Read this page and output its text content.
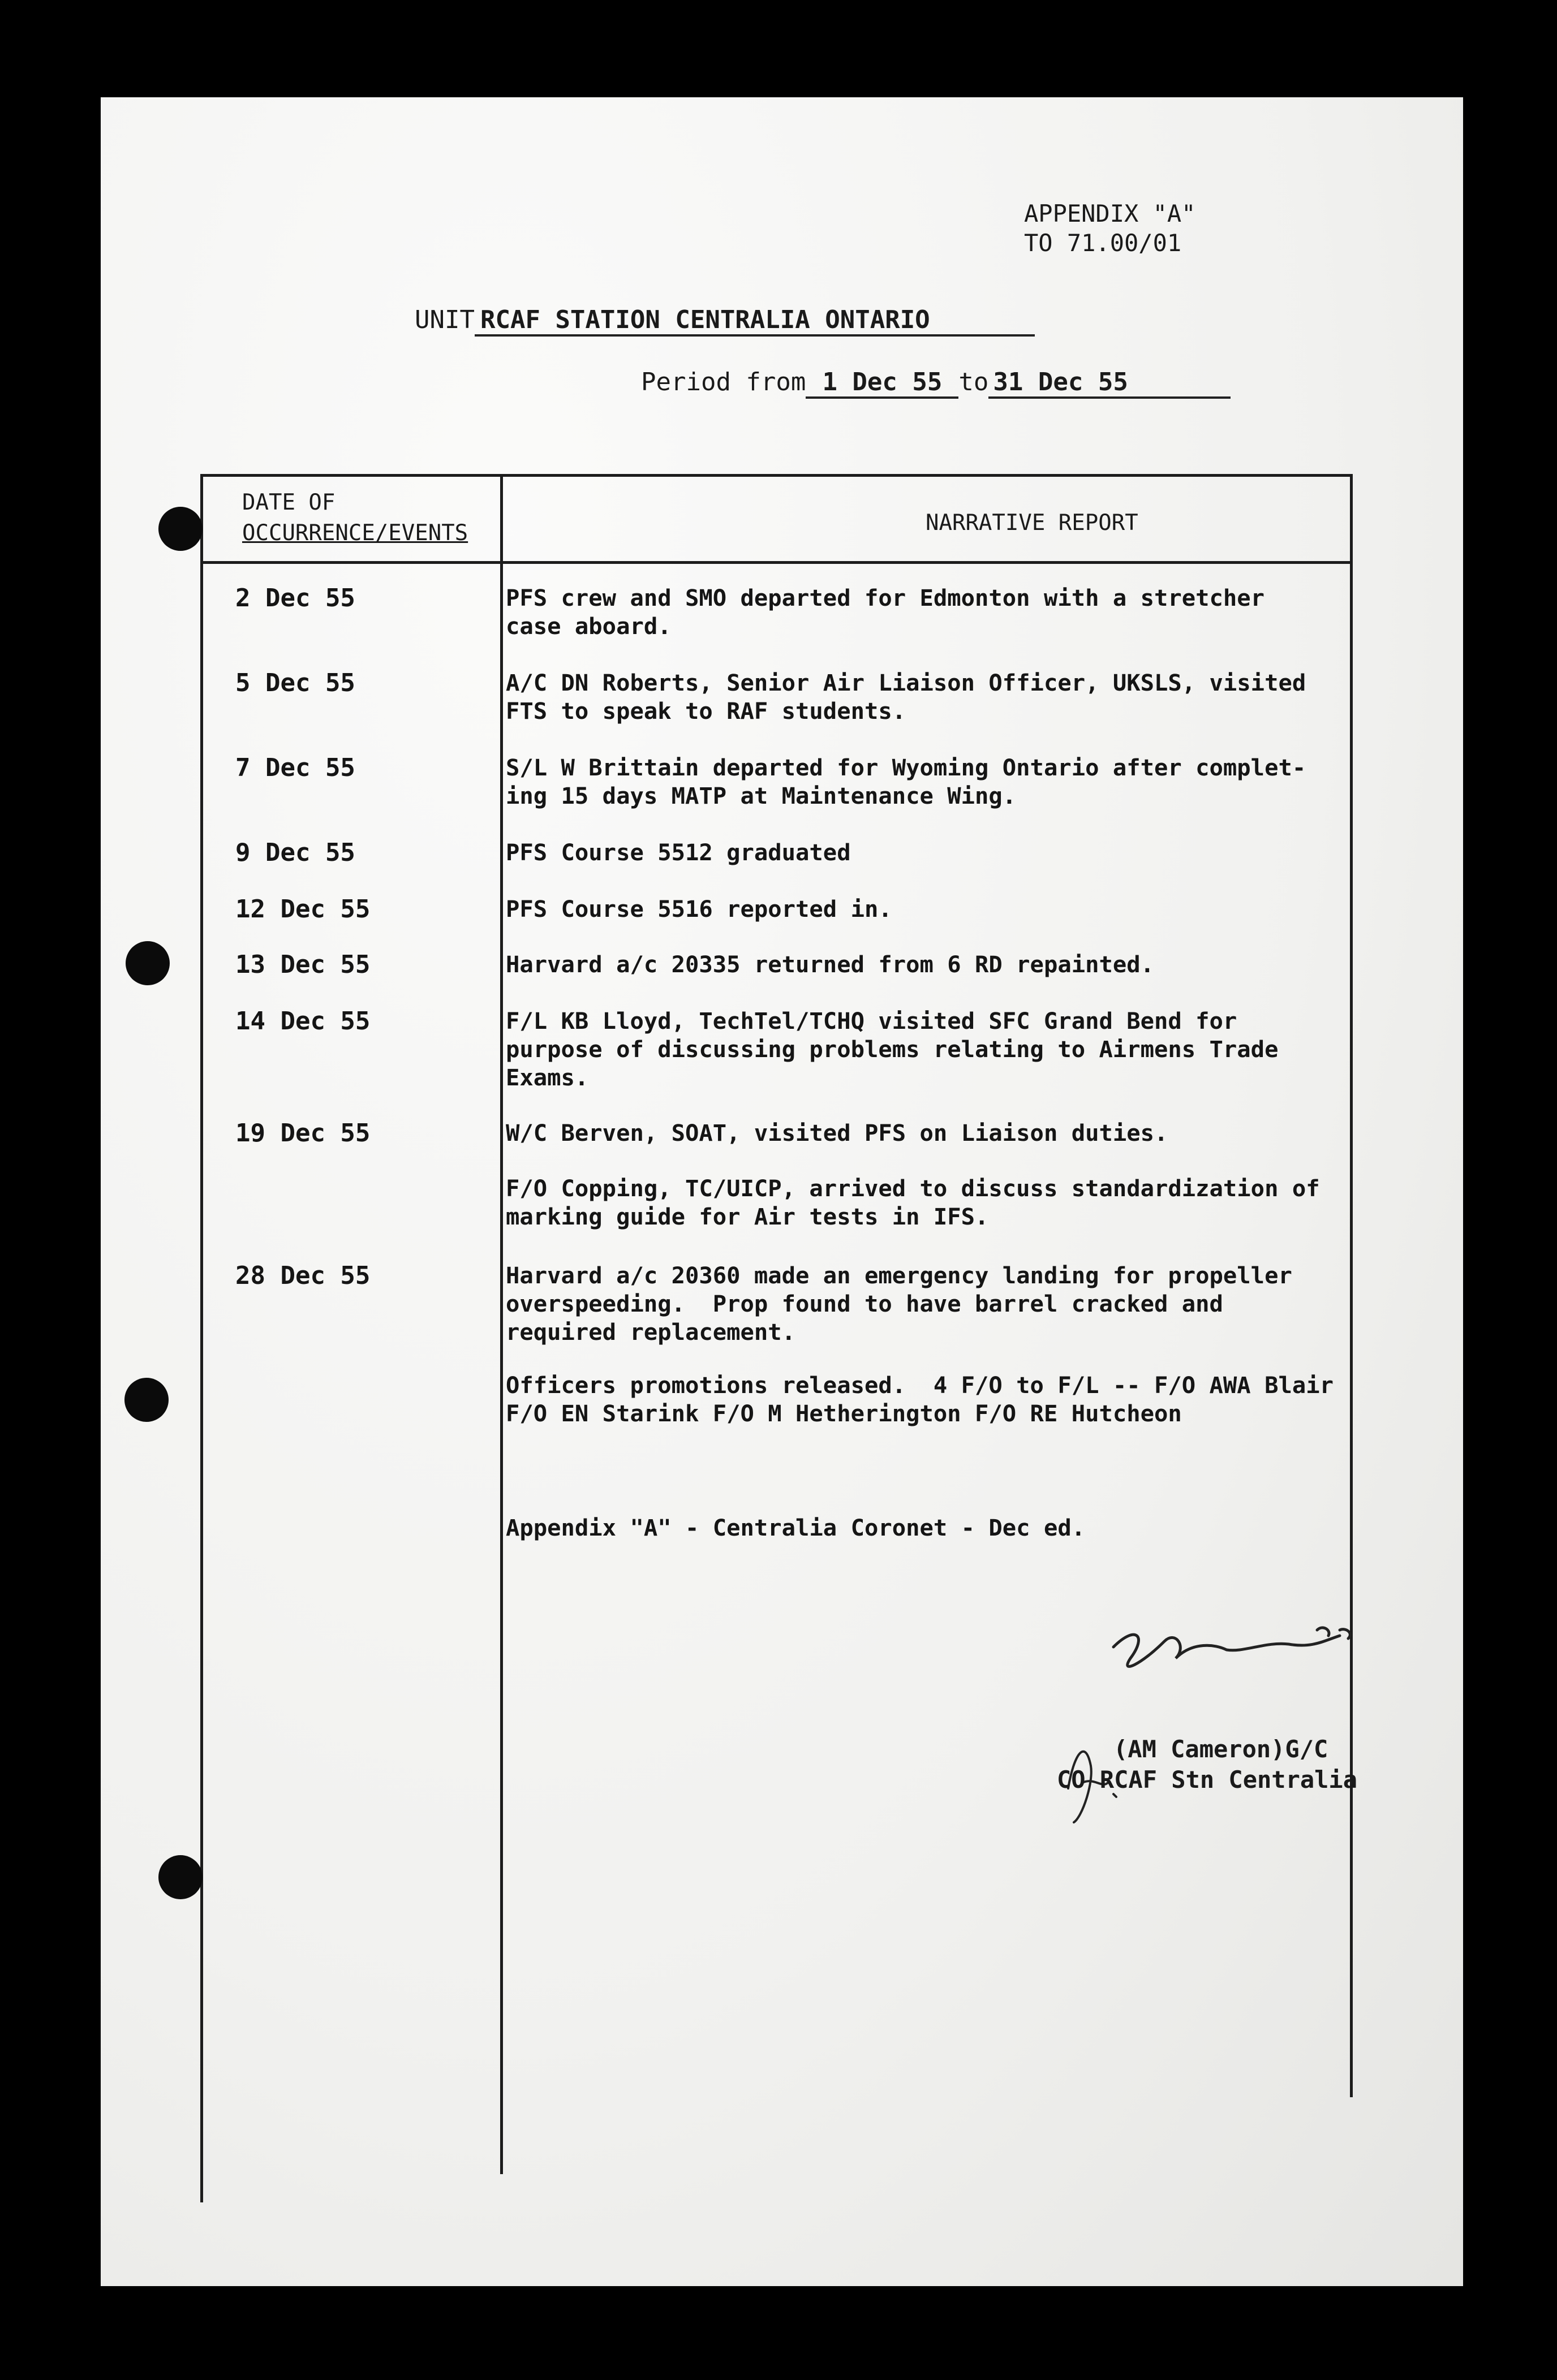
APPENDIX "A"
TO 71.00/01
UNIT RCAF STATION CENTRALIA ONTARIO
Period from 1 Dec 55 to 31 Dec 55
DATE OF
OCCURRENCE/EVENTS	NARRATIVE REPORT
2 Dec 55	PFS crew and SMO departed for Edmonton with a stretcher
case aboard.
5 Dec 55	A/C DN Roberts, Senior Air Liaison Officer, UKSLS, visited
FTS to speak to RAF students.
7 Dec 55	S/L W Brittain departed for Wyoming Ontario after complet-
ing 15 days MATP at Maintenance Wing.
9 Dec 55	PFS Course 5512 graduated
12 Dec 55	PFS Course 5516 reported in.
13 Dec 55	Harvard a/c 20335 returned from 6 RD repainted.
14 Dec 55	F/L KB Lloyd, TechTel/TCHQ visited SFC Grand Bend for
purpose of discussing problems relating to Airmens Trade
Exams.
19 Dec 55	W/C Berven, SOAT, visited PFS on Liaison duties.
F/O Copping, TC/UICP, arrived to discuss standardization of
marking guide for Air tests in IFS.
28 Dec 55	Harvard a/c 20360 made an emergency landing for propeller
overspeeding.  Prop found to have barrel cracked and
required replacement.
Officers promotions released.  4 F/O to F/L -- F/O AWA Blair
F/O EN Starink F/O M Hetherington F/O RE Hutcheon
Appendix "A" - Centralia Coronet - Dec ed.
(AM Cameron)G/C
CO RCAF Stn Centralia
